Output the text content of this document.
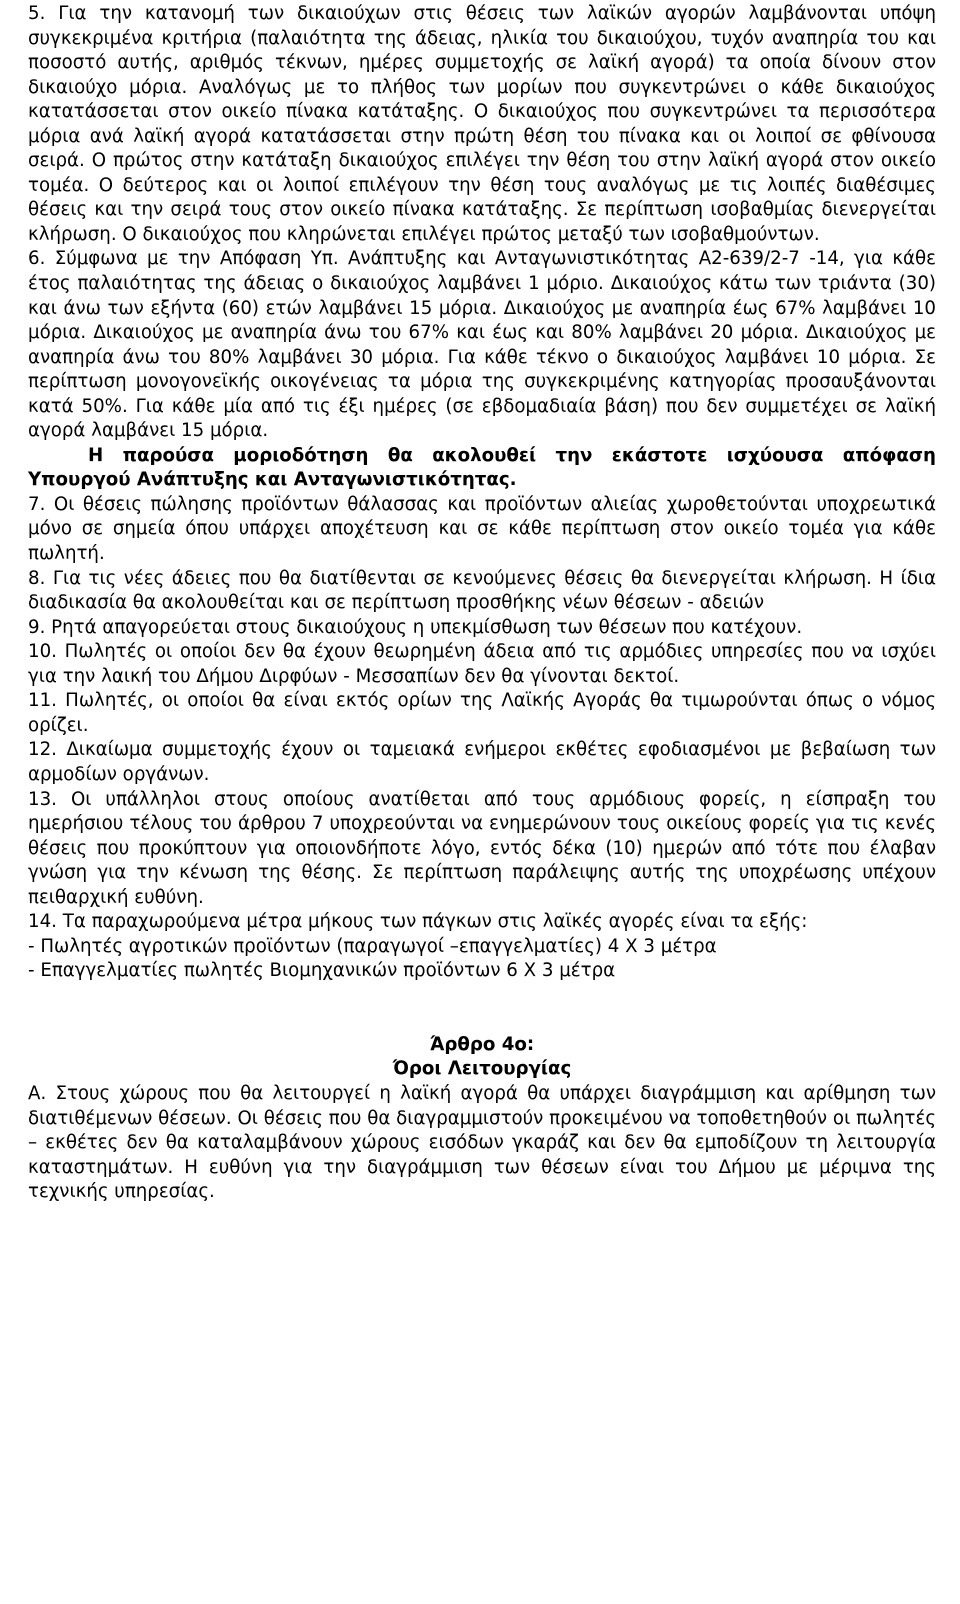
5. Για την κατανομή των δικαιούχων στις θέσεις των λαϊκών αγορών λαμβάνονται υπόψη συγκεκριμένα κριτήρια (παλαιότητα της άδειας, ηλικία του δικαιούχου, τυχόν αναπηρία του και ποσοστό αυτής, αριθμός τέκνων, ημέρες συμμετοχής σε λαϊκή αγορά) τα οποία δίνουν στον δικαιούχο μόρια. Αναλόγως με το πλήθος των μορίων που συγκεντρώνει ο κάθε δικαιούχος κατατάσσεται στον οικείο πίνακα κατάταξης. Ο δικαιούχος που συγκεντρώνει τα περισσότερα μόρια ανά λαϊκή αγορά κατατάσσεται στην πρώτη θέση του πίνακα και οι λοιποί σε φθίνουσα σειρά. Ο πρώτος στην κατάταξη δικαιούχος επιλέγει την θέση του στην λαϊκή αγορά στον οικείο τομέα. Ο δεύτερος και οι λοιποί επιλέγουν την θέση τους αναλόγως με τις λοιπές διαθέσιμες θέσεις και την σειρά τους στον οικείο πίνακα κατάταξης. Σε περίπτωση ισοβαθμίας διενεργείται κλήρωση. Ο δικαιούχος που κληρώνεται επιλέγει πρώτος μεταξύ των ισοβαθμούντων.

6. Σύμφωνα με την Απόφαση Υπ. Ανάπτυξης και Ανταγωνιστικότητας Α2-639/2-7 -14, για κάθε έτος παλαιότητας της άδειας ο δικαιούχος λαμβάνει 1 μόριο. Δικαιούχος κάτω των τριάντα (30) και άνω των εξήντα (60) ετών λαμβάνει 15 μόρια. Δικαιούχος με αναπηρία έως 67% λαμβάνει 10 μόρια. Δικαιούχος με αναπηρία άνω του 67% και έως και 80% λαμβάνει 20 μόρια. Δικαιούχος με αναπηρία άνω του 80% λαμβάνει 30 μόρια. Για κάθε τέκνο ο δικαιούχος λαμβάνει 10 μόρια. Σε περίπτωση μονογονεϊκής οικογένειας τα μόρια της συγκεκριμένης κατηγορίας προσαυξάνονται κατά 50%. Για κάθε μία από τις έξι ημέρες (σε εβδομαδιαία βάση) που δεν συμμετέχει σε λαϊκή αγορά λαμβάνει 15 μόρια.

Η παρούσα μοριοδότηση θα ακολουθεί την εκάστοτε ισχύουσα απόφαση Υπουργού Ανάπτυξης και Ανταγωνιστικότητας.

7. Οι θέσεις πώλησης προϊόντων θάλασσας και προϊόντων αλιείας χωροθετούνται υποχρεωτικά μόνο σε σημεία όπου υπάρχει αποχέτευση και σε κάθε περίπτωση στον οικείο τομέα για κάθε πωλητή.

8. Για τις νέες άδειες που θα διατίθενται σε κενούμενες θέσεις θα διενεργείται κλήρωση. Η ίδια διαδικασία θα ακολουθείται και σε περίπτωση προσθήκης νέων θέσεων - αδειών

9. Ρητά απαγορεύεται στους δικαιούχους η υπεκμίσθωση των θέσεων που κατέχουν.

10. Πωλητές οι οποίοι δεν θα έχουν θεωρημένη άδεια από τις αρμόδιες υπηρεσίες που να ισχύει για την λαική του Δήμου Διρφύων - Μεσσαπίων δεν θα γίνονται δεκτοί.

11. Πωλητές, οι οποίοι θα είναι εκτός ορίων της Λαϊκής Αγοράς θα τιμωρούνται όπως ο νόμος ορίζει.

12. Δικαίωμα συμμετοχής έχουν οι ταμειακά ενήμεροι εκθέτες εφοδιασμένοι με βεβαίωση των αρμοδίων οργάνων.

13. Οι υπάλληλοι στους οποίους ανατίθεται από τους αρμόδιους φορείς, η είσπραξη του ημερήσιου τέλους του άρθρου 7 υποχρεούνται να ενημερώνουν τους οικείους φορείς για τις κενές θέσεις που προκύπτουν για οποιονδήποτε λόγο, εντός δέκα (10) ημερών από τότε που έλαβαν γνώση για την κένωση της θέσης. Σε περίπτωση παράλειψης αυτής της υποχρέωσης υπέχουν πειθαρχική ευθύνη.

14. Τα παραχωρούμενα μέτρα μήκους των πάγκων στις λαϊκές αγορές είναι τα εξής:

- Πωλητές αγροτικών προϊόντων (παραγωγοί –επαγγελματίες) 4 Χ 3 μέτρα

- Επαγγελματίες πωλητές Βιομηχανικών προϊόντων 6 Χ 3 μέτρα

Άρθρο 4ο:

Όροι Λειτουργίας

Α. Στους χώρους που θα λειτουργεί η λαϊκή αγορά θα υπάρχει διαγράμμιση και αρίθμηση των διατιθέμενων θέσεων. Οι θέσεις που θα διαγραμμιστούν προκειμένου να τοποθετηθούν οι πωλητές – εκθέτες δεν θα καταλαμβάνουν χώρους εισόδων γκαράζ και δεν θα εμποδίζουν τη λειτουργία καταστημάτων. Η ευθύνη για την διαγράμμιση των θέσεων είναι του Δήμου με μέριμνα της τεχνικής υπηρεσίας.
